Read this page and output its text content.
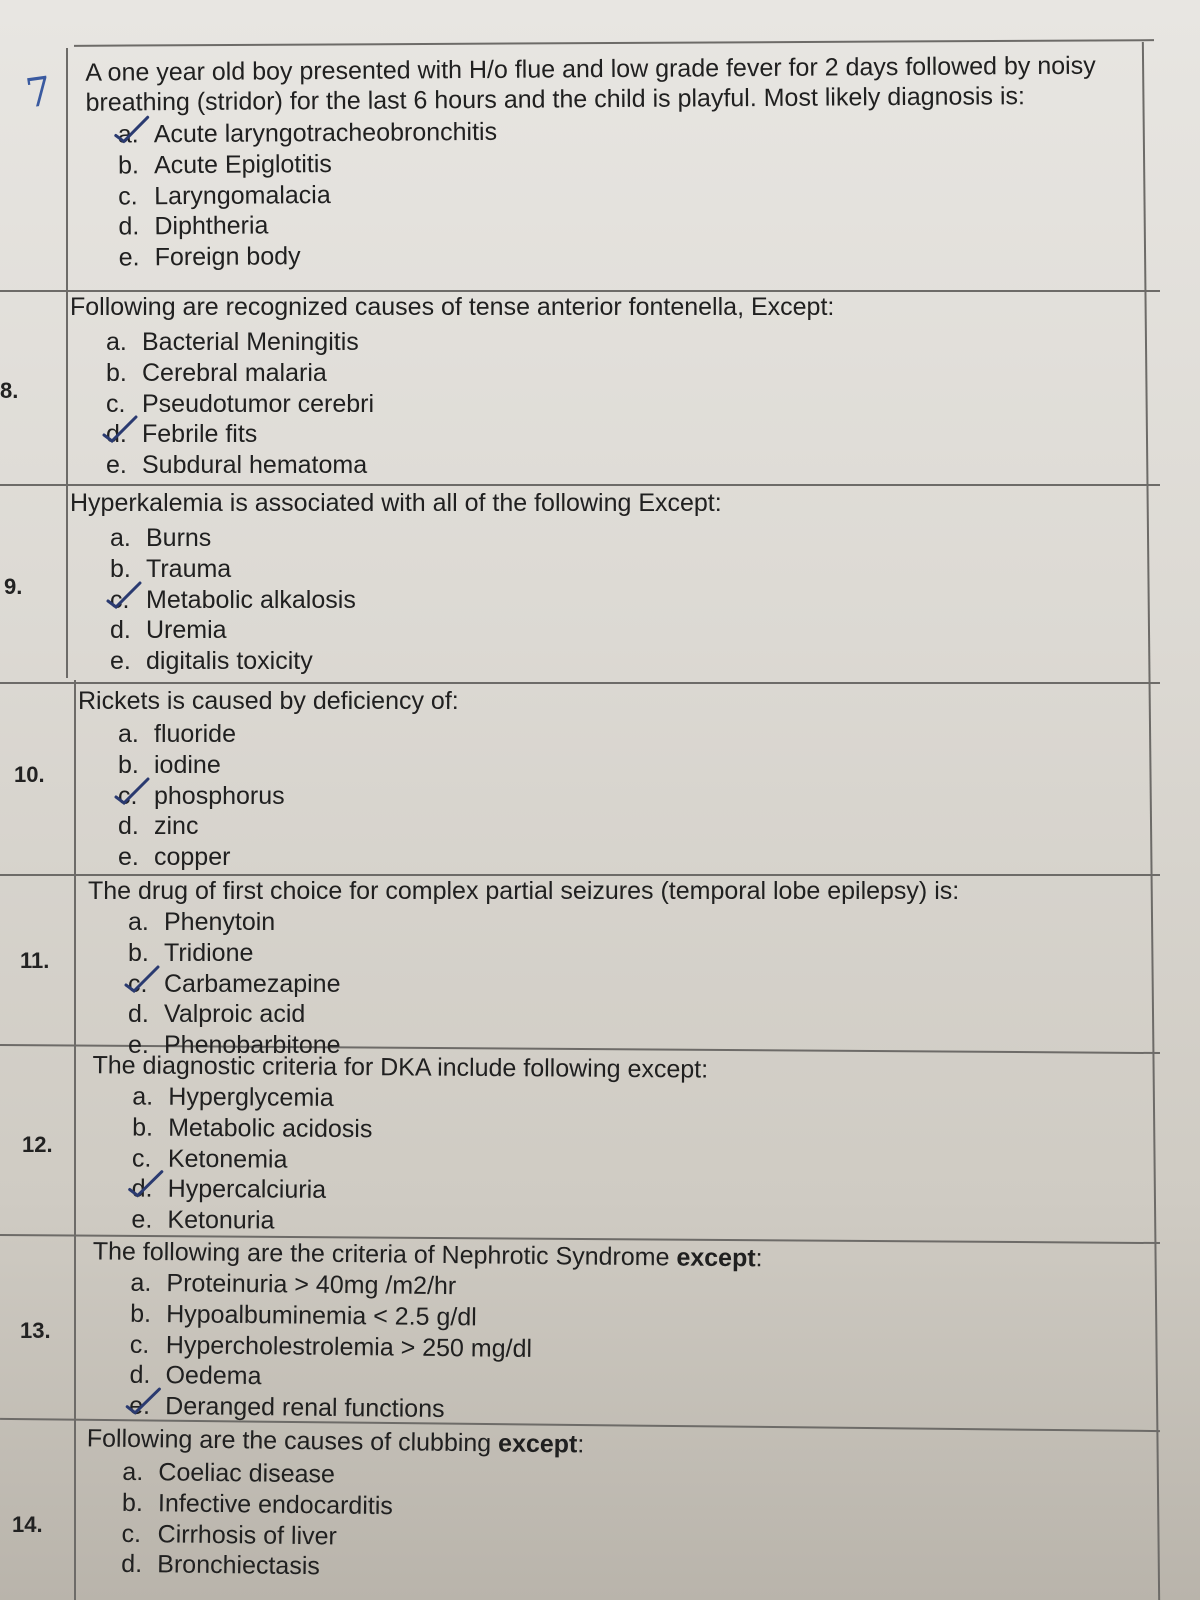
7
8.
9.
10.
11.
12.
13.
14.

A one year old boy presented with H/o flue and low grade fever for 2 days followed by noisy breathing (stridor) for the last 6 hours and the child is playful. Most likely diagnosis is:

a. Acute laryngotracheobronchitis
b. Acute Epiglotitis
c. Laryngomalacia
d. Diphtheria
e. Foreign body

Following are recognized causes of tense anterior fontenella, Except:

a. Bacterial Meningitis
b. Cerebral malaria
c. Pseudotumor cerebri
d. Febrile fits
e. Subdural hematoma

Hyperkalemia is associated with all of the following Except:

a. Burns
b. Trauma
c. Metabolic alkalosis
d. Uremia
e. digitalis toxicity

Rickets is caused by deficiency of:

a. fluoride
b. iodine
c. phosphorus
d. zinc
e. copper

The drug of first choice for complex partial seizures (temporal lobe epilepsy) is:

a. Phenytoin
b. Tridione
c. Carbamezapine
d. Valproic acid
e. Phenobarbitone

The diagnostic criteria for DKA include following except:

a. Hyperglycemia
b. Metabolic acidosis
c. Ketonemia
d. Hypercalciuria
e. Ketonuria

The following are the criteria of Nephrotic Syndrome except:

a. Proteinuria > 40mg /m2/hr
b. Hypoalbuminemia < 2.5 g/dl
c. Hypercholestrolemia > 250 mg/dl
d. Oedema
e. Deranged renal functions

Following are the causes of clubbing except:

a. Coeliac disease
b. Infective endocarditis
c. Cirrhosis of liver
d. Bronchiectasis
